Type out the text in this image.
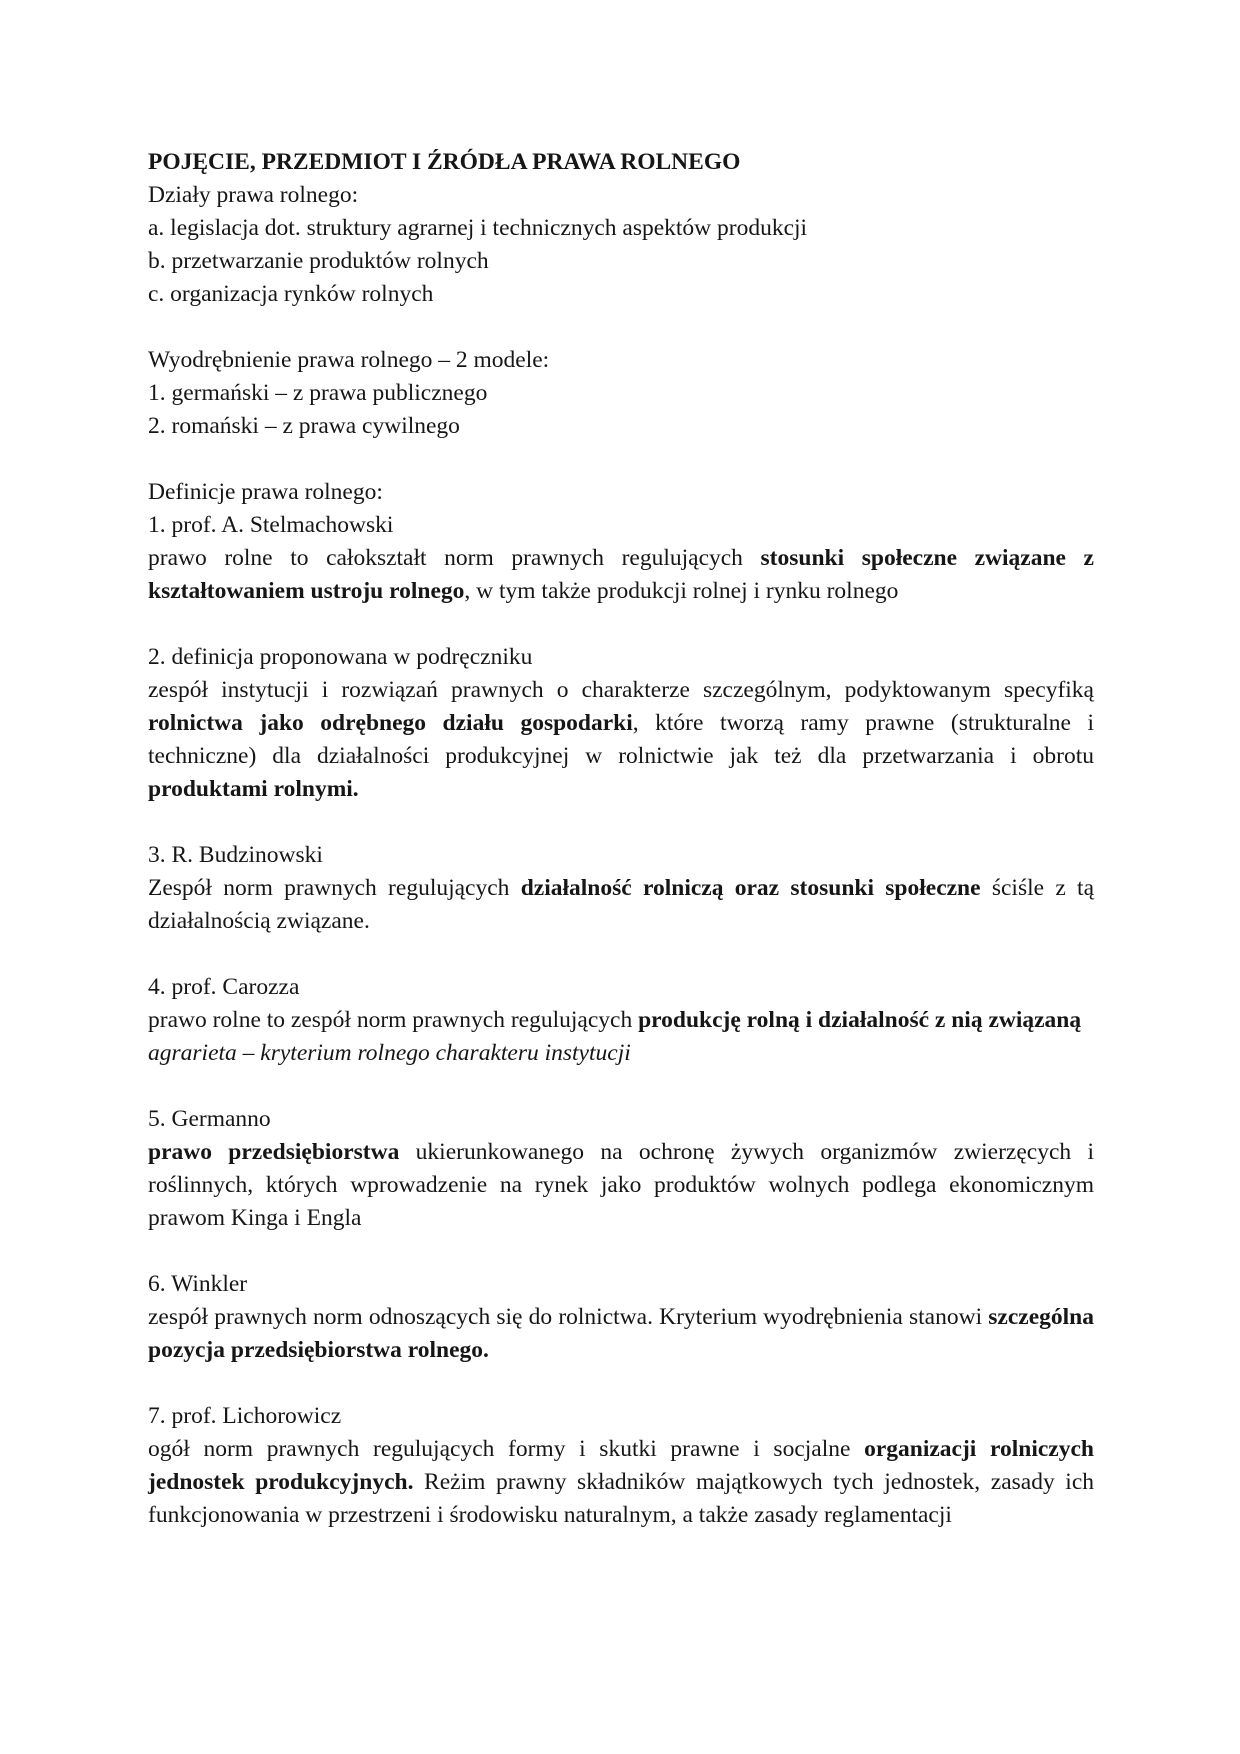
POJĘCIE, PRZEDMIOT I ŹRÓDŁA PRAWA ROLNEGO

Działy prawa rolnego:

a. legislacja dot. struktury agrarnej i technicznych aspektów produkcji

b. przetwarzanie produktów rolnych

c. organizacja rynków rolnych

Wyodrębnienie prawa rolnego – 2 modele:

1. germański – z prawa publicznego

2. romański – z prawa cywilnego

Definicje prawa rolnego:

1. prof. A. Stelmachowski

prawo rolne to całokształt norm prawnych regulujących stosunki społeczne związane z kształtowaniem ustroju rolnego, w tym także produkcji rolnej i rynku rolnego

2. definicja proponowana w podręczniku

zespół instytucji i rozwiązań prawnych o charakterze szczególnym, podyktowanym specyfiką rolnictwa jako odrębnego działu gospodarki, które tworzą ramy prawne (strukturalne i techniczne) dla działalności produkcyjnej w rolnictwie jak też dla przetwarzania i obrotu produktami rolnymi.

3. R. Budzinowski

Zespół norm prawnych regulujących działalność rolniczą oraz stosunki społeczne ściśle z tą działalnością związane.

4. prof. Carozza

prawo rolne to zespół norm prawnych regulujących produkcję rolną i działalność z nią związaną

agrarieta – kryterium rolnego charakteru instytucji

5. Germanno

prawo przedsiębiorstwa ukierunkowanego na ochronę żywych organizmów zwierzęcych i roślinnych, których wprowadzenie na rynek jako produktów wolnych podlega ekonomicznym prawom Kinga i Engla

6. Winkler

zespół prawnych norm odnoszących się do rolnictwa. Kryterium wyodrębnienia stanowi szczególna pozycja przedsiębiorstwa rolnego.

7. prof. Lichorowicz

ogół norm prawnych regulujących formy i skutki prawne i socjalne organizacji rolniczych jednostek produkcyjnych. Reżim prawny składników majątkowych tych jednostek, zasady ich funkcjonowania w przestrzeni i środowisku naturalnym, a także zasady reglamentacji
